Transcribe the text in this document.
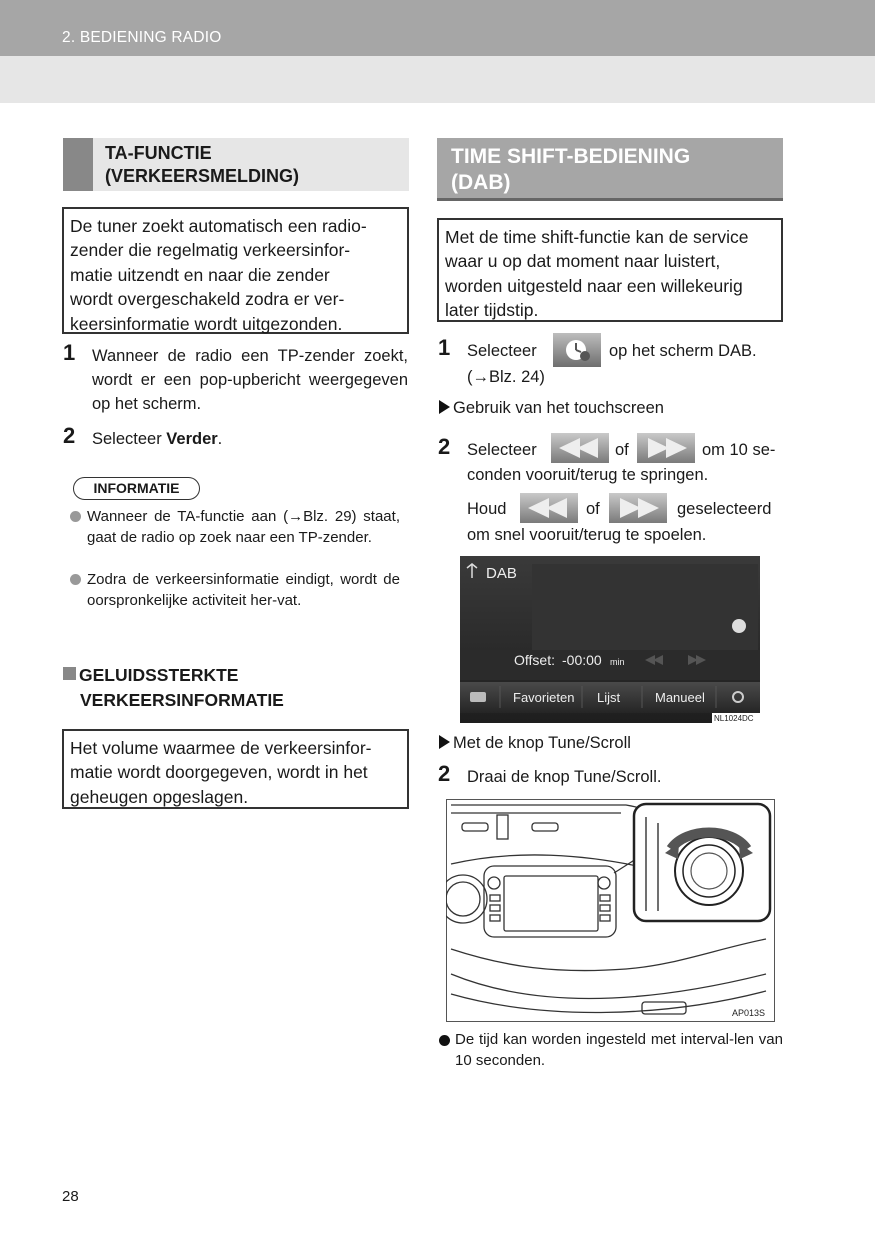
2. BEDIENING RADIO
TA-FUNCTIE
(VERKEERSMELDING)
De tuner zoekt automatisch een radio-
zender die regelmatig verkeersinfor-
matie uitzendt en naar die zender
wordt overgeschakeld zodra er ver-
keersinformatie wordt uitgezonden.
1 Wanneer de radio een TP-zender zoekt, wordt er een pop-upbericht weergegeven op het scherm.
2 Selecteer Verder.
INFORMATIE
Wanneer de TA-functie aan (→Blz. 29) staat, gaat de radio op zoek naar een TP-zender.
Zodra de verkeersinformatie eindigt, wordt de oorspronkelijke activiteit her-vat.
GELUIDSSTERKTE
VERKEERSINFORMATIE
Het volume waarmee de verkeersinfor-
matie wordt doorgegeven, wordt in het
geheugen opgeslagen.
TIME SHIFT-BEDIENING
(DAB)
Met de time shift-functie kan de service
waar u op dat moment naar luistert,
worden uitgesteld naar een willekeurig
later tijdstip.
1 Selecteer	op het scherm DAB.
(→Blz. 24)
Gebruik van het touchscreen
2 Selecteer	of	om 10 se-
conden vooruit/terug te springen.
Houd	of	geselecteerd
om snel vooruit/terug te spoelen.
DAB
Offset: -00:00 min
Favorieten Lijst	Manueel
NL1024DC
Met de knop Tune/Scroll
2 Draai de knop Tune/Scroll.
AP013S
De tijd kan worden ingesteld met interval-len van 10 seconden.
28
